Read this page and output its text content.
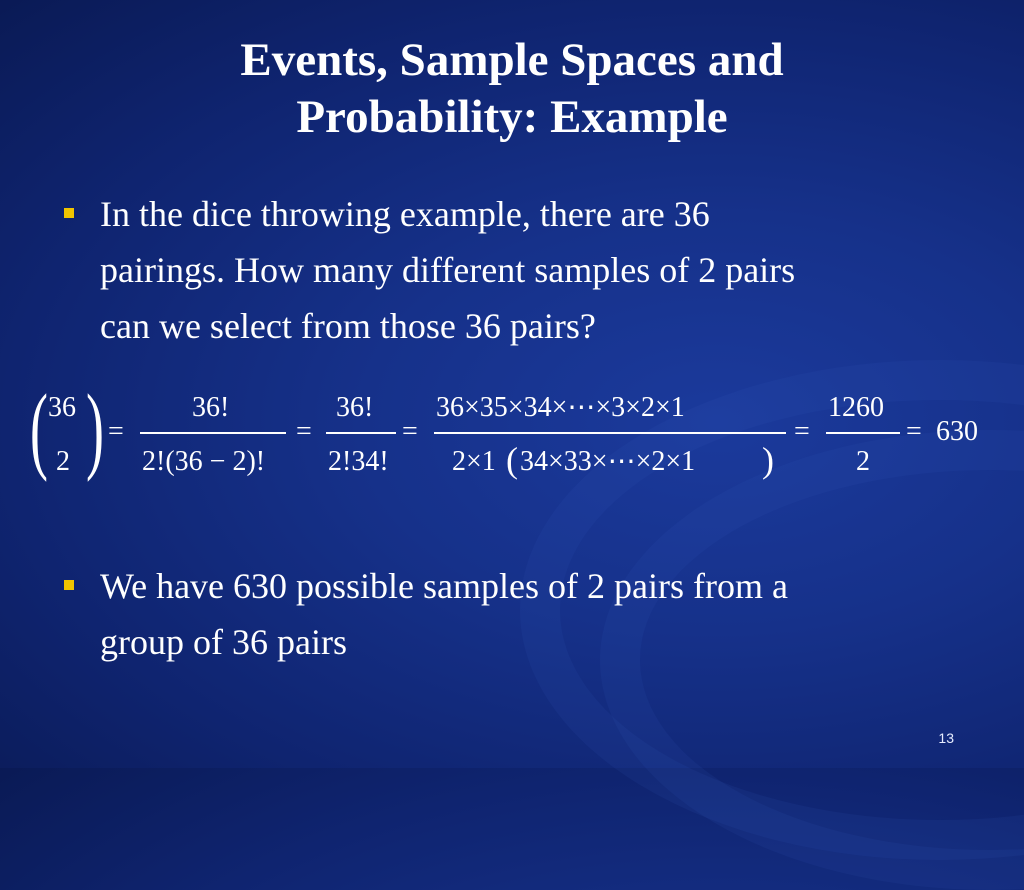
Events, Sample Spaces and
Probability: Example
In the dice throwing example, there are 36
pairings. How many different samples of 2 pairs
can we select from those 36 pairs?
( 36
2 ) =
36!
2!(36 − 2)!
=
36!
2!34!
=
36×35×34×⋯×3×2×1
2×1 ( 34×33×⋯×2×1 )
=
1260
2
= 630
We have 630 possible samples of 2 pairs from a
group of 36 pairs
13
